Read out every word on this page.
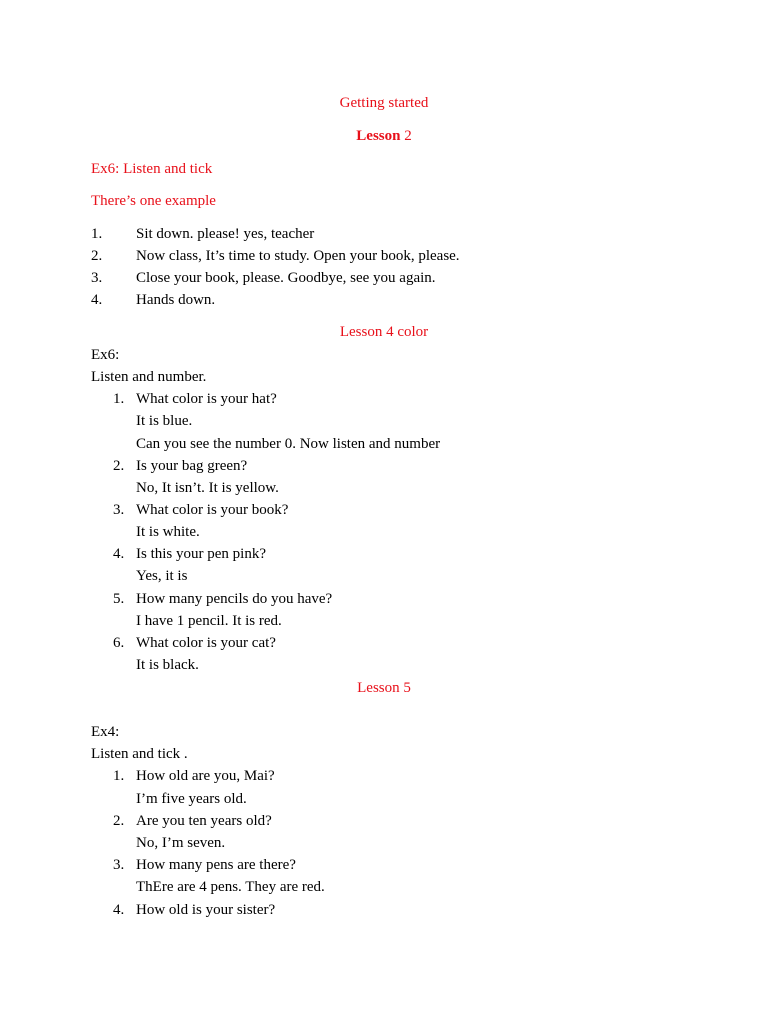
Getting started
Lesson 2
Ex6: Listen and tick
There’s one example
1. Sit down. please! yes, teacher
2. Now class, It’s time to study. Open your book, please.
3. Close your book, please. Goodbye, see you again.
4. Hands down.
Lesson 4 color
Ex6:
Listen and number.
1. What color is your hat?
It is blue.
Can you see the number 0. Now listen and number
2. Is your bag green?
No, It isn’t. It is yellow.
3. What color is your book?
It is white.
4. Is this your pen pink?
Yes, it is
5. How many pencils do you have?
I have 1 pencil. It is red.
6. What color is your cat?
It is black.
Lesson 5
Ex4:
Listen and tick .
1. How old are you, Mai?
I’m five years old.
2. Are you ten years old?
No, I’m seven.
3. How many pens are there?
ThEre are 4 pens. They are red.
4. How old is your sister?
